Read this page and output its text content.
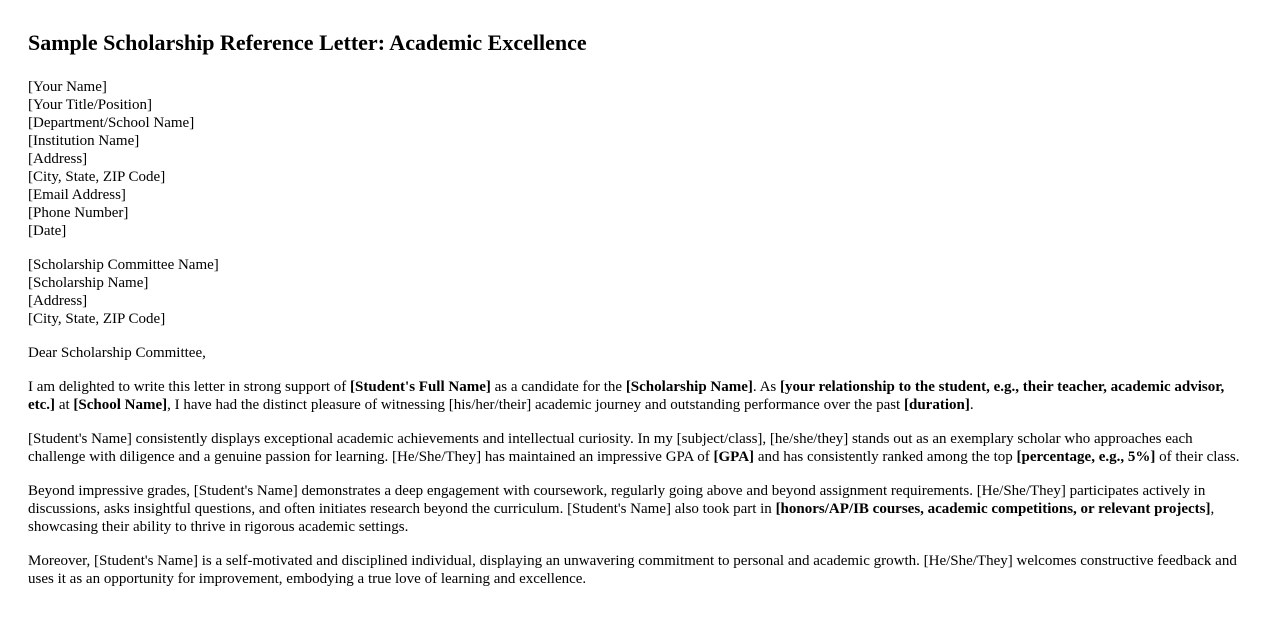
Sample Scholarship Reference Letter: Academic Excellence
[Your Name]
[Your Title/Position]
[Department/School Name]
[Institution Name]
[Address]
[City, State, ZIP Code]
[Email Address]
[Phone Number]
[Date]
[Scholarship Committee Name]
[Scholarship Name]
[Address]
[City, State, ZIP Code]

Dear Scholarship Committee,

I am delighted to write this letter in strong support of [Student's Full Name] as a candidate for the [Scholarship Name]. As [your relationship to the student, e.g., their teacher, academic advisor, etc.] at [School Name], I have had the distinct pleasure of witnessing [his/her/their] academic journey and outstanding performance over the past [duration].

[Student's Name] consistently displays exceptional academic achievements and intellectual curiosity. In my [subject/class], [he/she/they] stands out as an exemplary scholar who approaches each challenge with diligence and a genuine passion for learning. [He/She/They] has maintained an impressive GPA of [GPA] and has consistently ranked among the top [percentage, e.g., 5%] of their class.

Beyond impressive grades, [Student's Name] demonstrates a deep engagement with coursework, regularly going above and beyond assignment requirements. [He/She/They] participates actively in discussions, asks insightful questions, and often initiates research beyond the curriculum. [Student's Name] also took part in [honors/AP/IB courses, academic competitions, or relevant projects], showcasing their ability to thrive in rigorous academic settings.

Moreover, [Student's Name] is a self-motivated and disciplined individual, displaying an unwavering commitment to personal and academic growth. [He/She/They] welcomes constructive feedback and uses it as an opportunity for improvement, embodying a true love of learning and excellence.
